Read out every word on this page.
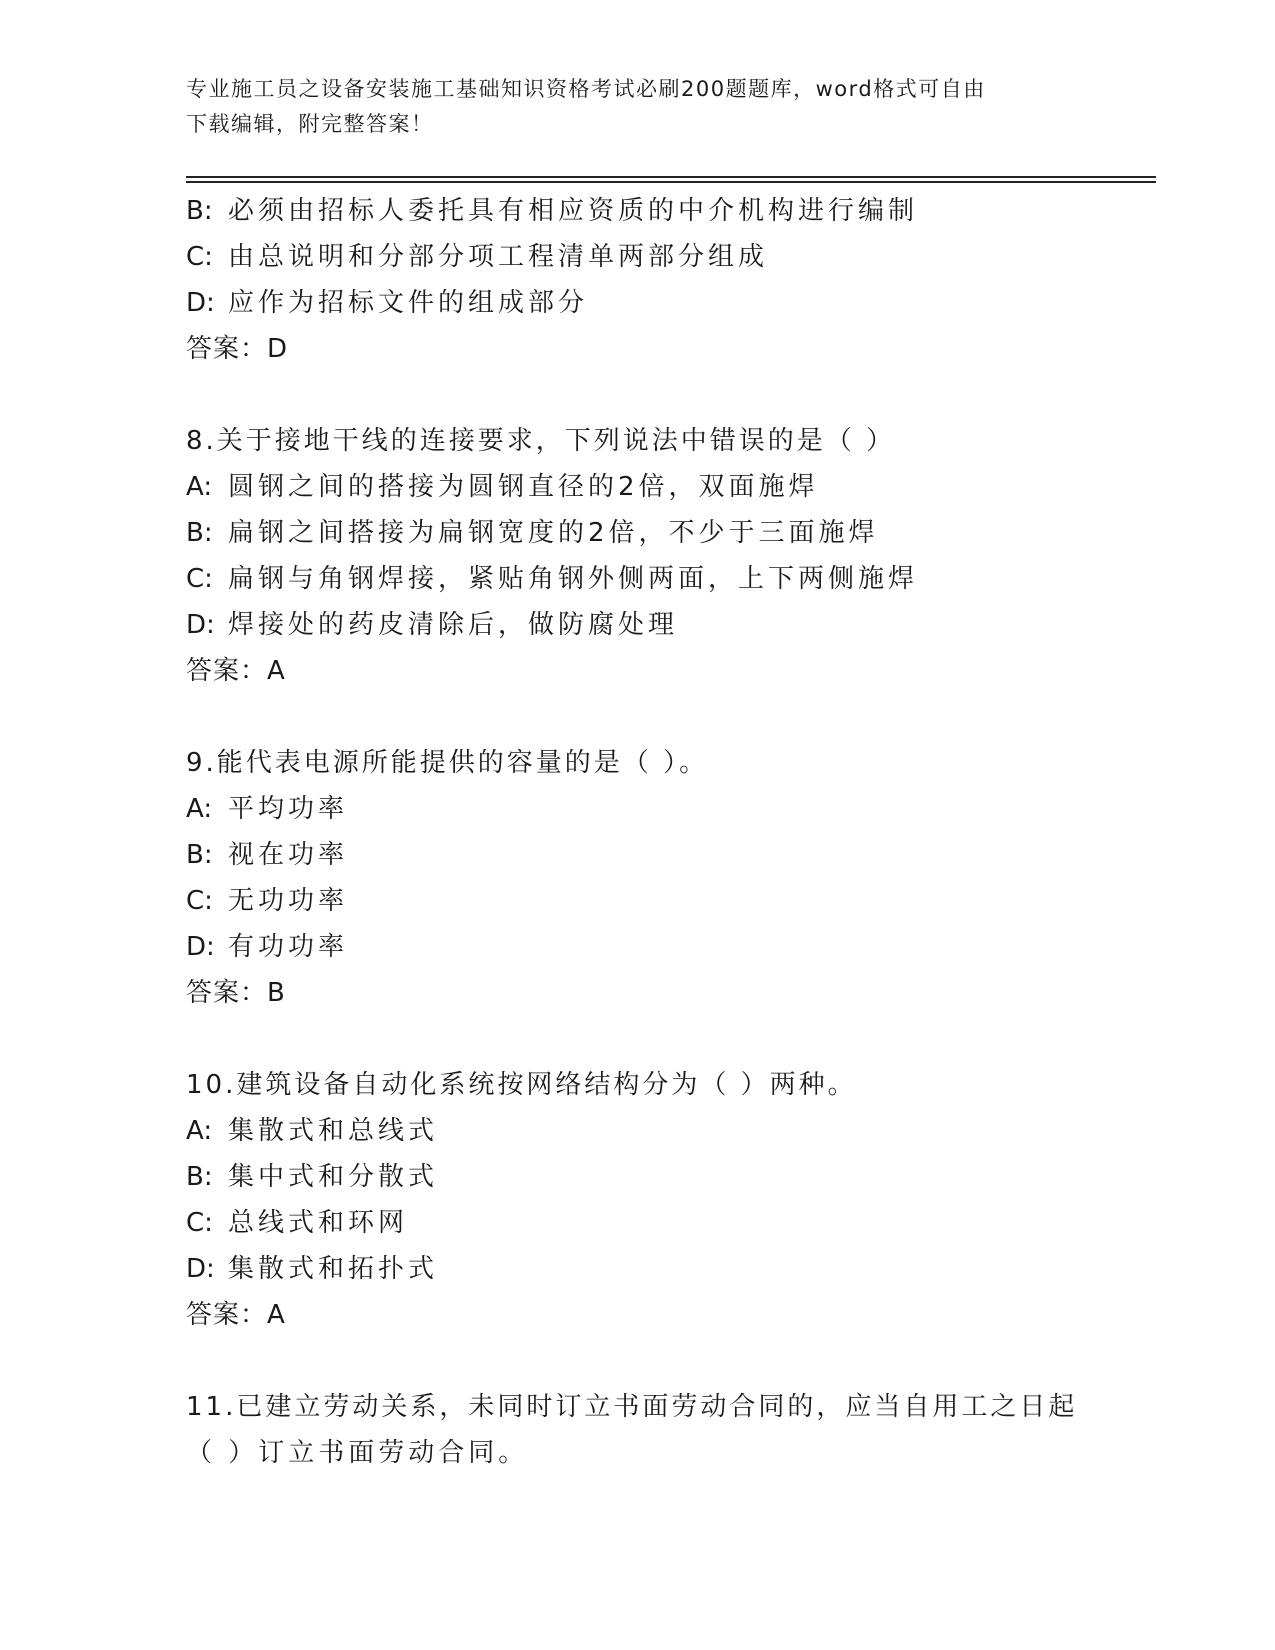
专业施工员之设备安装施工基础知识资格考试必刷200题题库，word格式可自由
下载编辑，附完整答案！
B: 必须由招标人委托具有相应资质的中介机构进行编制
C: 由总说明和分部分项工程清单两部分组成
D: 应作为招标文件的组成部分
答案：D
8.关于接地干线的连接要求，下列说法中错误的是（ ）
A: 圆钢之间的搭接为圆钢直径的2倍，双面施焊
B: 扁钢之间搭接为扁钢宽度的2倍，不少于三面施焊
C: 扁钢与角钢焊接，紧贴角钢外侧两面，上下两侧施焊
D: 焊接处的药皮清除后，做防腐处理
答案：A
9.能代表电源所能提供的容量的是（ ）。
A: 平均功率
B: 视在功率
C: 无功功率
D: 有功功率
答案：B
10.建筑设备自动化系统按网络结构分为（ ）两种。
A: 集散式和总线式
B: 集中式和分散式
C: 总线式和环网
D: 集散式和拓扑式
答案：A
11.已建立劳动关系，未同时订立书面劳动合同的，应当自用工之日起
（ ）订立书面劳动合同。
